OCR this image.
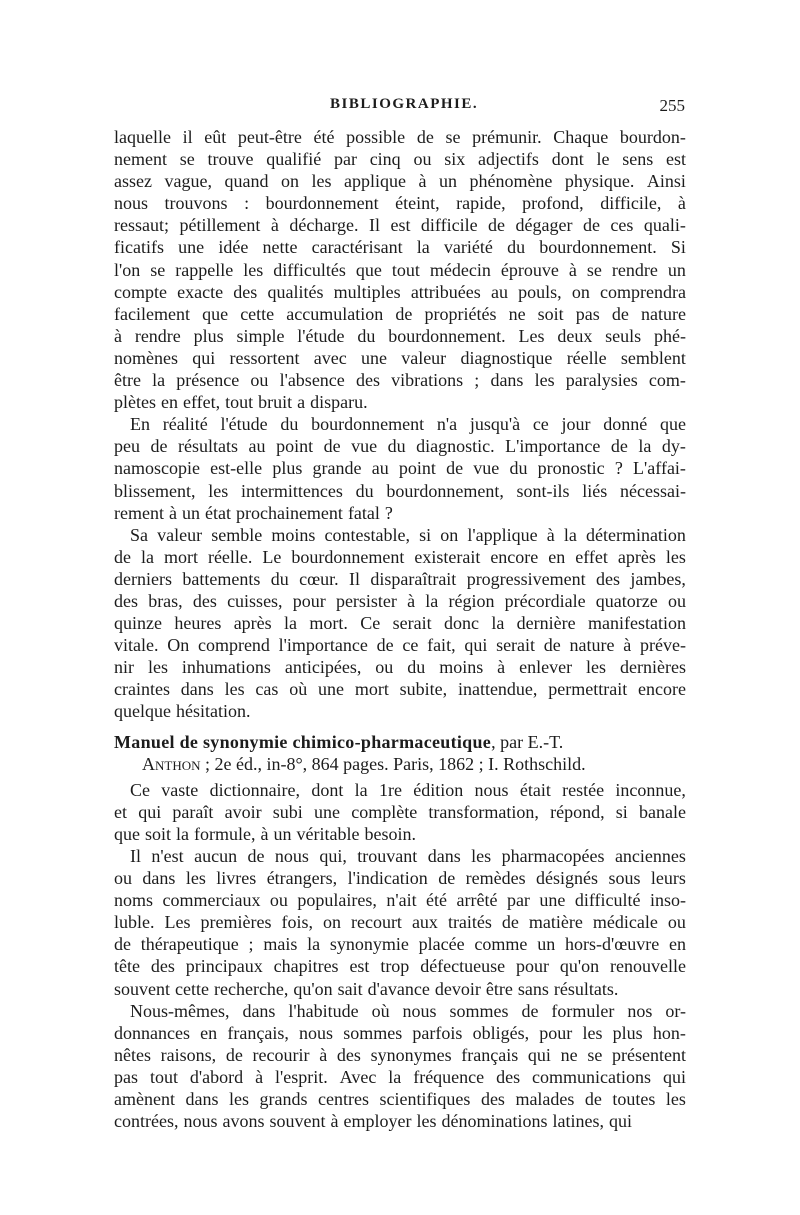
BIBLIOGRAPHIE.	255
laquelle il eût peut-être été possible de se prémunir. Chaque bourdon-
nement se trouve qualifié par cinq ou six adjectifs dont le sens est
assez vague, quand on les applique à un phénomène physique. Ainsi
nous trouvons : bourdonnement éteint, rapide, profond, difficile, à
ressaut; pétillement à décharge. Il est difficile de dégager de ces quali-
ficatifs une idée nette caractérisant la variété du bourdonnement. Si
l'on se rappelle les difficultés que tout médecin éprouve à se rendre un
compte exacte des qualités multiples attribuées au pouls, on comprendra
facilement que cette accumulation de propriétés ne soit pas de nature
à rendre plus simple l'étude du bourdonnement. Les deux seuls phé-
nomènes qui ressortent avec une valeur diagnostique réelle semblent
être la présence ou l'absence des vibrations ; dans les paralysies com-
plètes en effet, tout bruit a disparu.
En réalité l'étude du bourdonnement n'a jusqu'à ce jour donné que
peu de résultats au point de vue du diagnostic. L'importance de la dy-
namoscopie est-elle plus grande au point de vue du pronostic ? L'affai-
blissement, les intermittences du bourdonnement, sont-ils liés nécessai-
rement à un état prochainement fatal ?
Sa valeur semble moins contestable, si on l'applique à la détermination
de la mort réelle. Le bourdonnement existerait encore en effet après les
derniers battements du cœur. Il disparaîtrait progressivement des jambes,
des bras, des cuisses, pour persister à la région précordiale quatorze ou
quinze heures après la mort. Ce serait donc la dernière manifestation
vitale. On comprend l'importance de ce fait, qui serait de nature à préve-
nir les inhumations anticipées, ou du moins à enlever les dernières
craintes dans les cas où une mort subite, inattendue, permettrait encore
quelque hésitation.
Manuel de synonymie chimico-pharmaceutique , par E.-T.
Anthon ; 2e éd., in-8°, 864 pages. Paris, 1862 ; I. Rothschild.
Ce vaste dictionnaire, dont la 1re édition nous était restée inconnue,
et qui paraît avoir subi une complète transformation, répond, si banale
que soit la formule, à un véritable besoin.
Il n'est aucun de nous qui, trouvant dans les pharmacopées anciennes
ou dans les livres étrangers, l'indication de remèdes désignés sous leurs
noms commerciaux ou populaires, n'ait été arrêté par une difficulté inso-
luble. Les premières fois, on recourt aux traités de matière médicale ou
de thérapeutique ; mais la synonymie placée comme un hors-d'œuvre en
tête des principaux chapitres est trop défectueuse pour qu'on renouvelle
souvent cette recherche, qu'on sait d'avance devoir être sans résultats.
Nous-mêmes, dans l'habitude où nous sommes de formuler nos or-
donnances en français, nous sommes parfois obligés, pour les plus hon-
nêtes raisons, de recourir à des synonymes français qui ne se présentent
pas tout d'abord à l'esprit. Avec la fréquence des communications qui
amènent dans les grands centres scientifiques des malades de toutes les
contrées, nous avons souvent à employer les dénominations latines, qui
